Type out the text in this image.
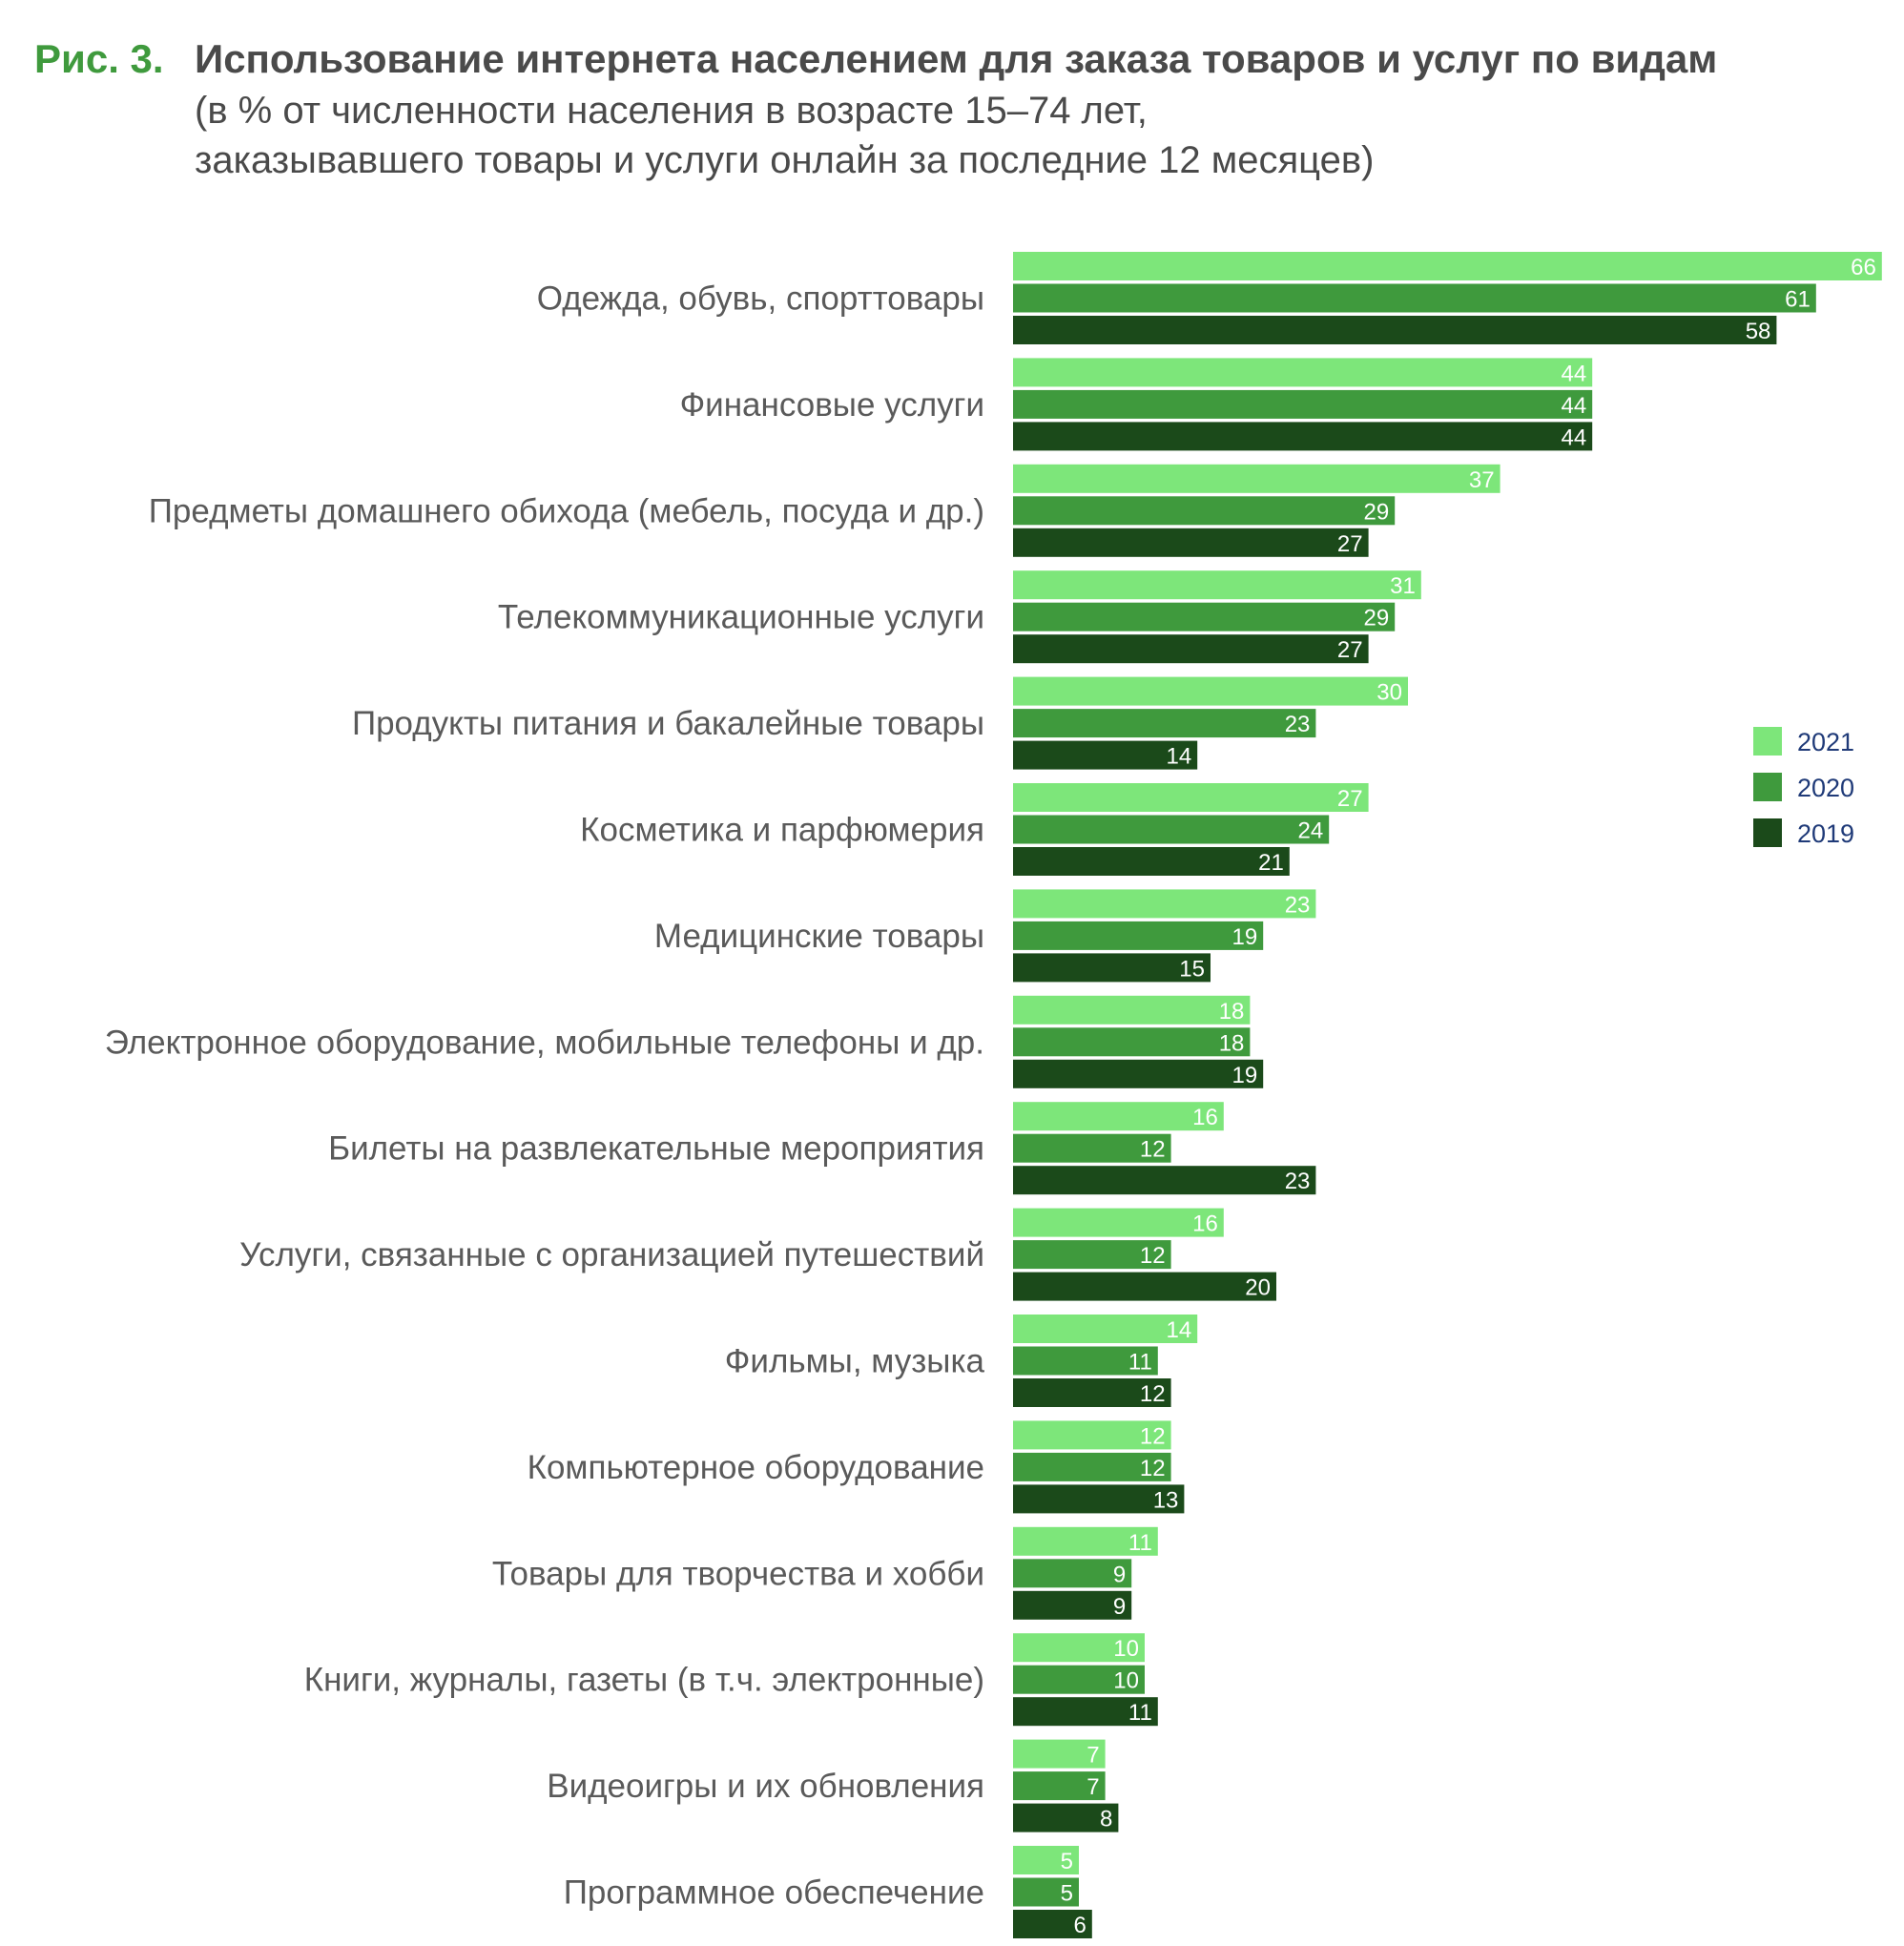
Рис. 3. Использование интернета населением для заказа товаров и услуг по видам
(в % от численности населения в возрасте 15–74 лет,
заказывавшего товары и услуги онлайн за последние 12 месяцев)
Одежда, обувь, спорттовары
66
61
58
Финансовые услуги
44
44
44
Предметы домашнего обихода (мебель, посуда и др.)
37
29
27
Телекоммуникационные услуги
31
29
27
Продукты питания и бакалейные товары
30
23
14
Косметика и парфюмерия
27
24
21
Медицинские товары
23
19
15
Электронное оборудование, мобильные телефоны и др.
18
18
19
Билеты на развлекательные мероприятия
16
12
23
Услуги, связанные с организацией путешествий
16
12
20
Фильмы, музыка
14
11
12
Компьютерное оборудование
12
12
13
Товары для творчества и хобби
11
9
9
Книги, журналы, газеты (в т.ч. электронные)
10
10
11
Видеоигры и их обновления
7
7
8
Программное обеспечение
5
5
6
2021
2020
2019
